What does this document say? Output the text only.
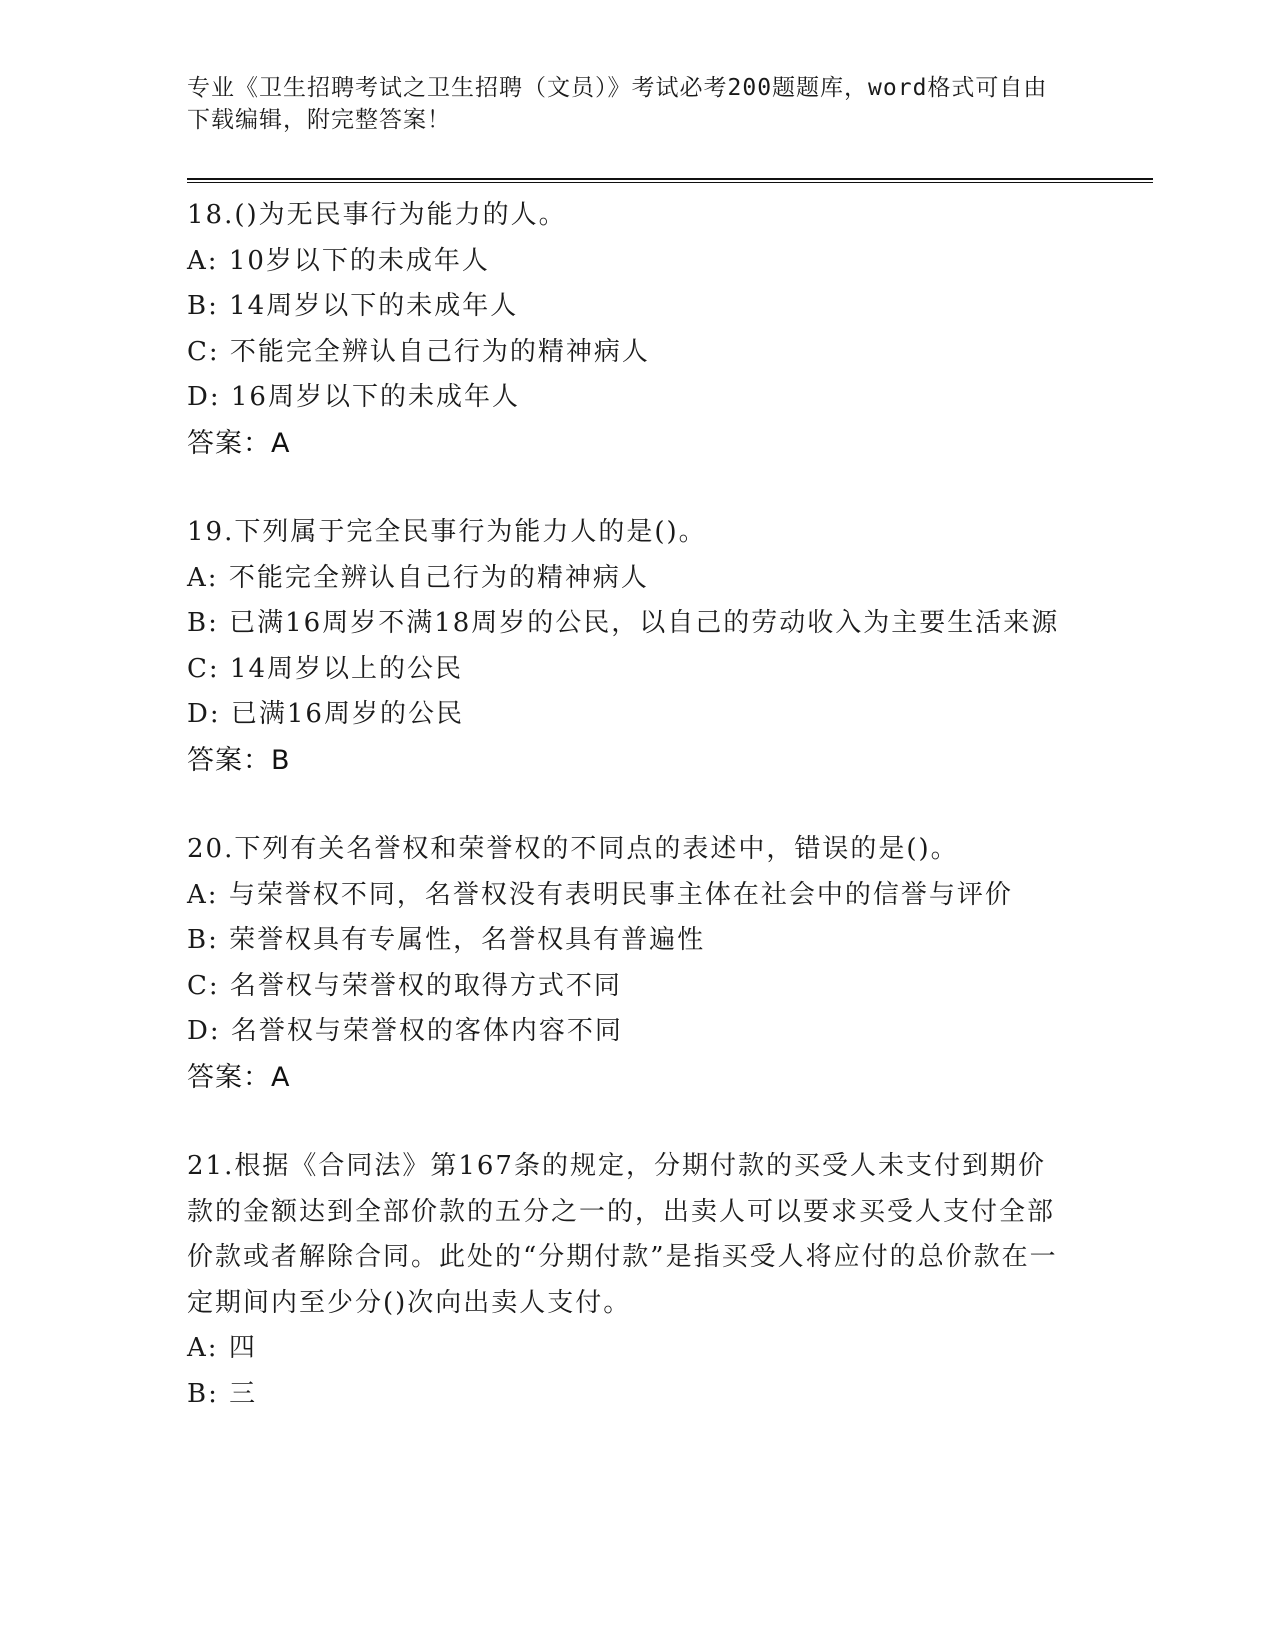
专业《卫生招聘考试之卫生招聘（文员）》考试必考200题题库，word格式可自由下载编辑，附完整答案！
18.()为无民事行为能力的人。
A: 10岁以下的未成年人
B: 14周岁以下的未成年人
C: 不能完全辨认自己行为的精神病人
D: 16周岁以下的未成年人
答案：A
19.下列属于完全民事行为能力人的是()。
A: 不能完全辨认自己行为的精神病人
B: 已满16周岁不满18周岁的公民，以自己的劳动收入为主要生活来源
C: 14周岁以上的公民
D: 已满16周岁的公民
答案：B
20.下列有关名誉权和荣誉权的不同点的表述中，错误的是()。
A: 与荣誉权不同，名誉权没有表明民事主体在社会中的信誉与评价
B: 荣誉权具有专属性，名誉权具有普遍性
C: 名誉权与荣誉权的取得方式不同
D: 名誉权与荣誉权的客体内容不同
答案：A
21.根据《合同法》第167条的规定，分期付款的买受人未支付到期价款的金额达到全部价款的五分之一的，出卖人可以要求买受人支付全部价款或者解除合同。此处的“分期付款”是指买受人将应付的总价款在一定期间内至少分()次向出卖人支付。
A: 四
B: 三
